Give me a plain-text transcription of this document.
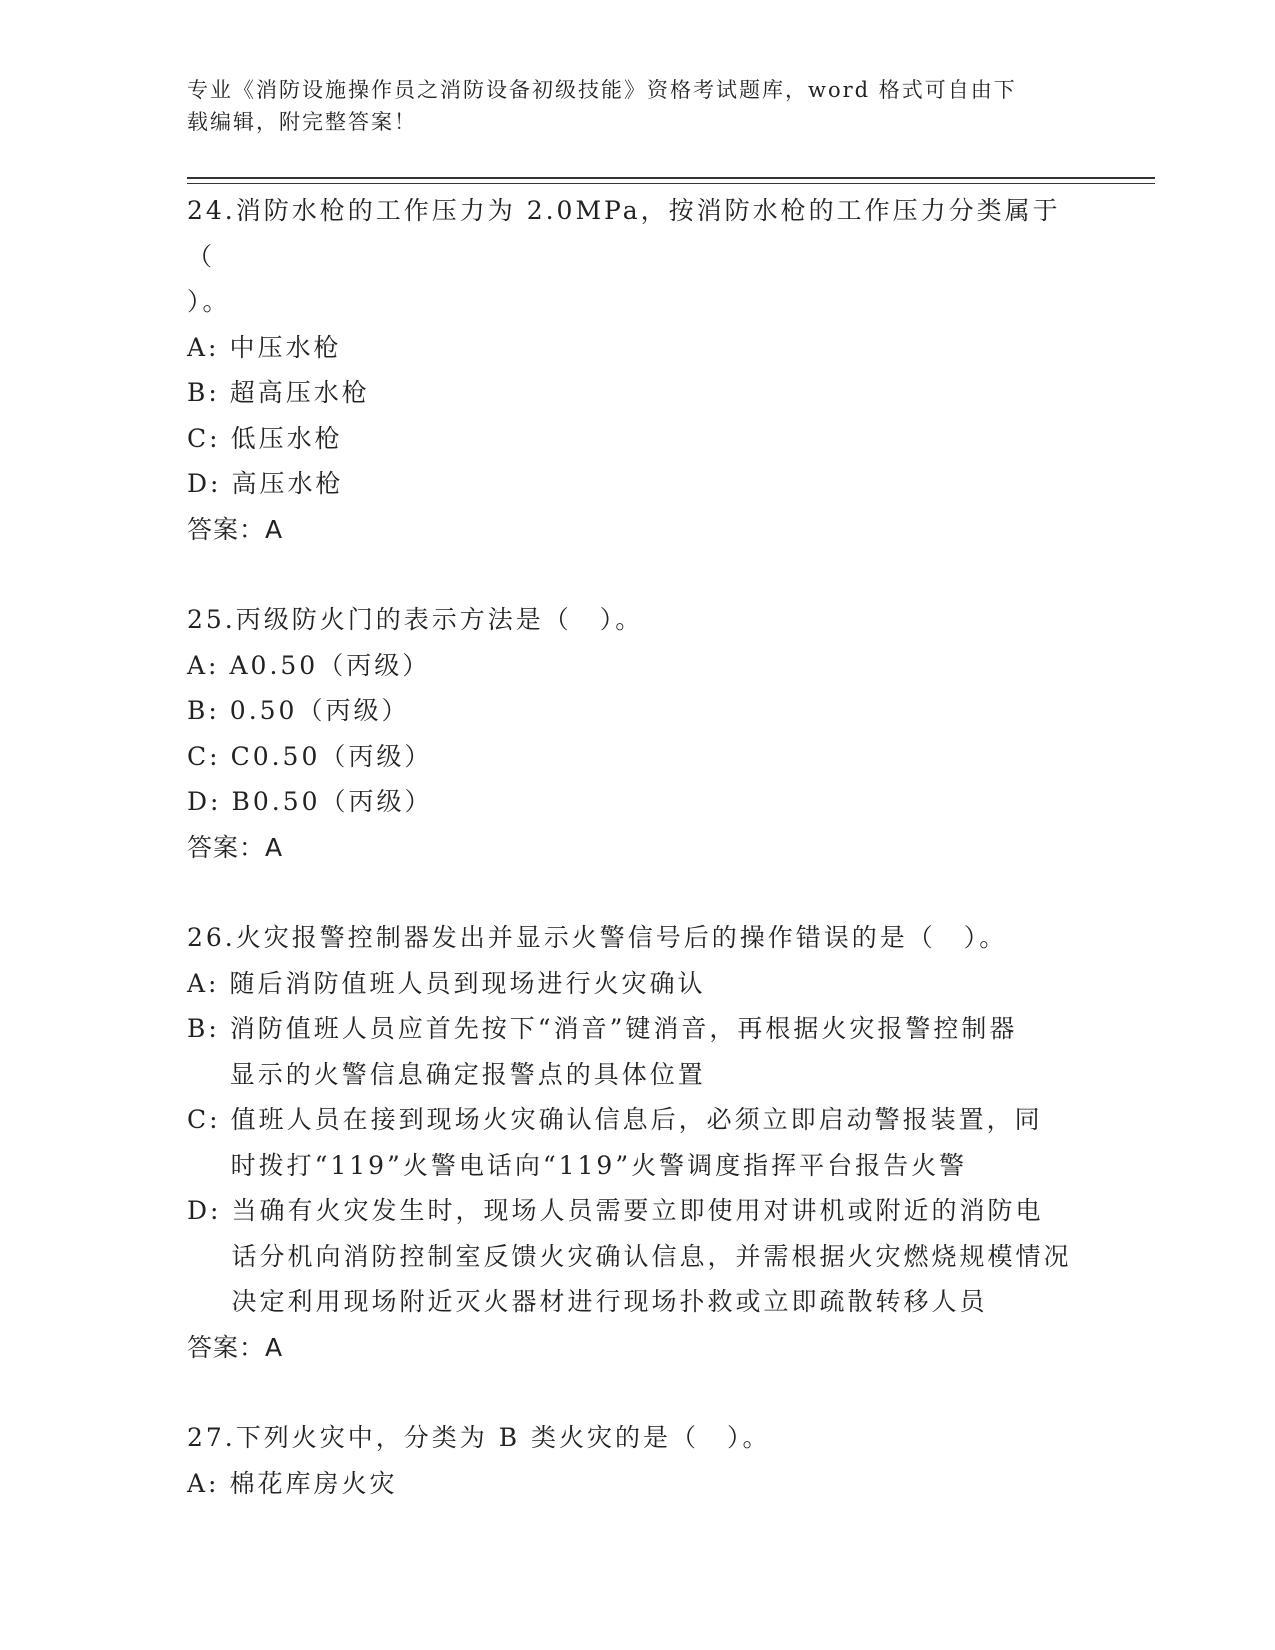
专业《消防设施操作员之消防设备初级技能》资格考试题库，word 格式可自由下
载编辑，附完整答案！
24.消防水枪的工作压力为 2.0MPa，按消防水枪的工作压力分类属于（
）。
A: 中压水枪
B: 超高压水枪
C: 低压水枪
D: 高压水枪
答案：A
25.丙级防火门的表示方法是（　）。
A: A0.50（丙级）
B: 0.50（丙级）
C: C0.50（丙级）
D: B0.50（丙级）
答案：A
26.火灾报警控制器发出并显示火警信号后的操作错误的是（　）。
A: 随后消防值班人员到现场进行火灾确认
B: 消防值班人员应首先按下“消音”键消音，再根据火灾报警控制器
显示的火警信息确定报警点的具体位置
C: 值班人员在接到现场火灾确认信息后，必须立即启动警报装置，同
时拨打“119”火警电话向“119”火警调度指挥平台报告火警
D: 当确有火灾发生时，现场人员需要立即使用对讲机或附近的消防电
话分机向消防控制室反馈火灾确认信息，并需根据火灾燃烧规模情况
决定利用现场附近灭火器材进行现场扑救或立即疏散转移人员
答案：A
27.下列火灾中，分类为 B 类火灾的是（　）。
A: 棉花库房火灾
